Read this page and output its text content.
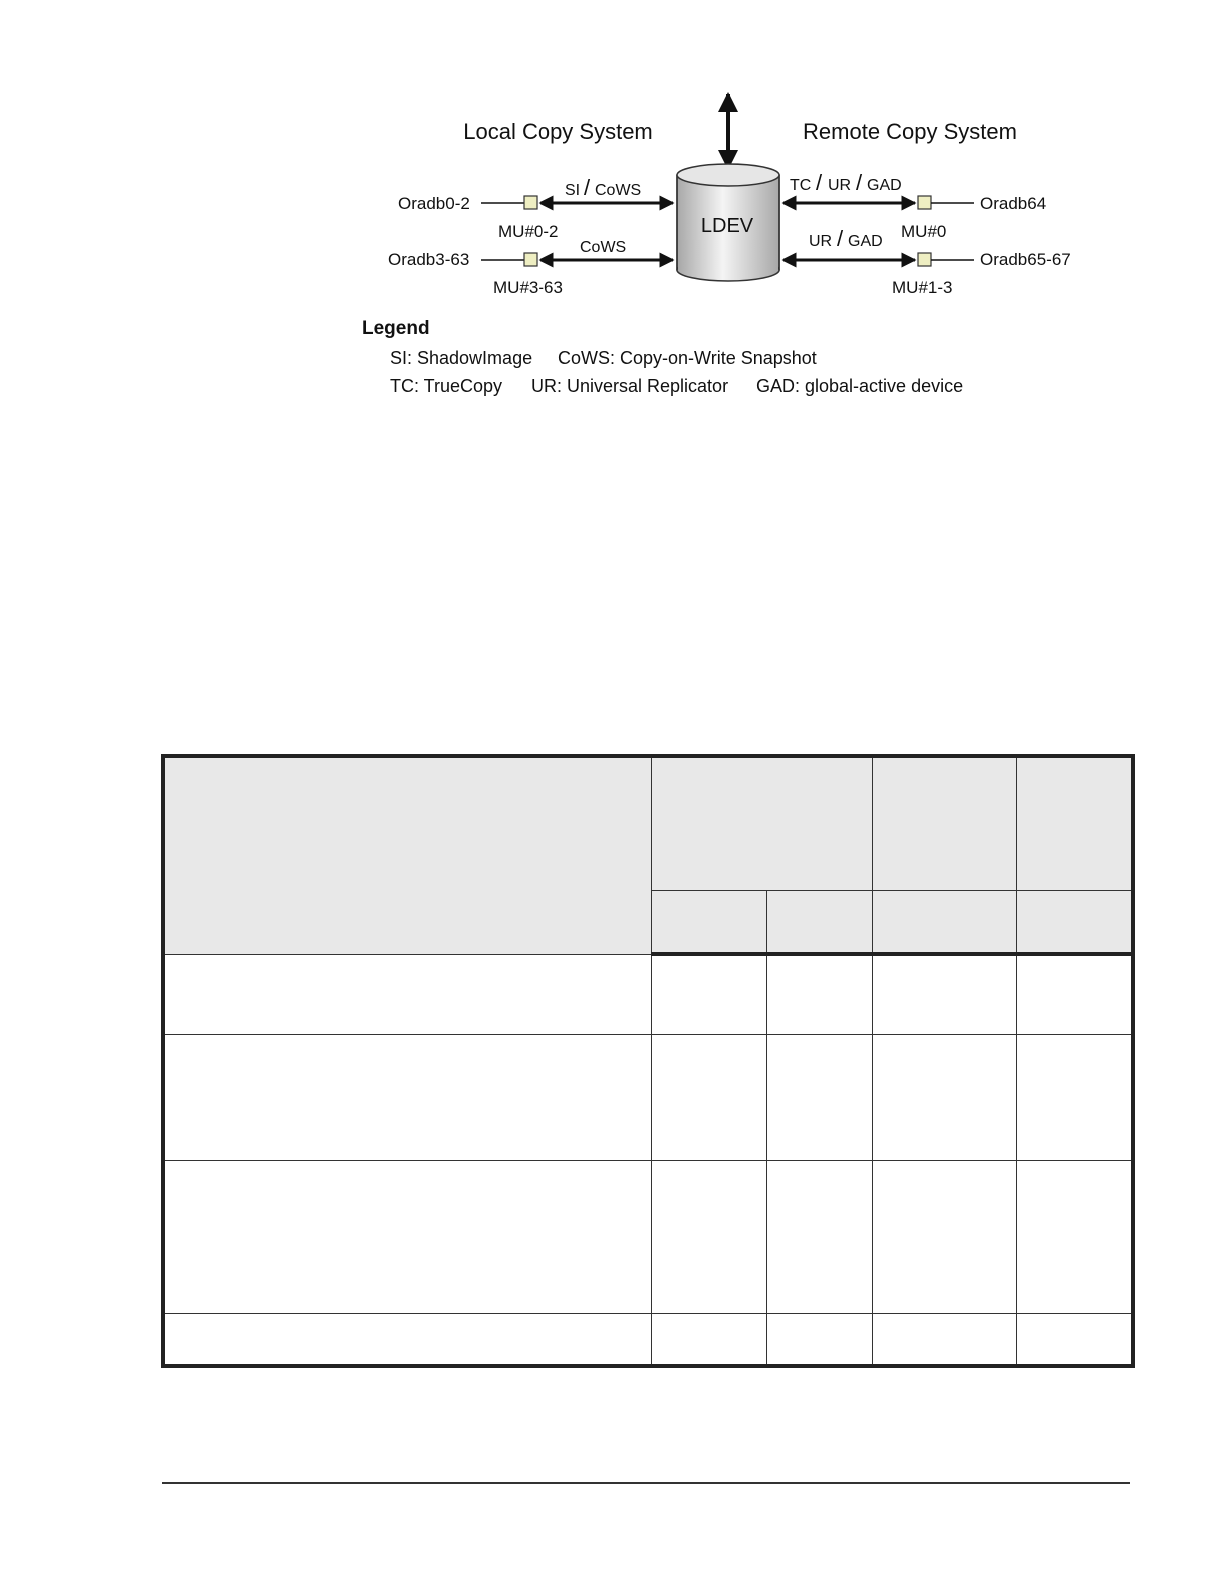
Local Copy System	Remote Copy System
LDEV
Oradb0-2
MU#0-2
SI / CoWS
Oradb3-63
MU#3-63
CoWS
Oradb64
MU#0
TC / UR / GAD
Oradb65-67
MU#1-3
UR / GAD
Legend
SI: ShadowImage CoWS: Copy-on-Write Snapshot
TC: TrueCopy UR: Universal Replicator GAD: global-active device
